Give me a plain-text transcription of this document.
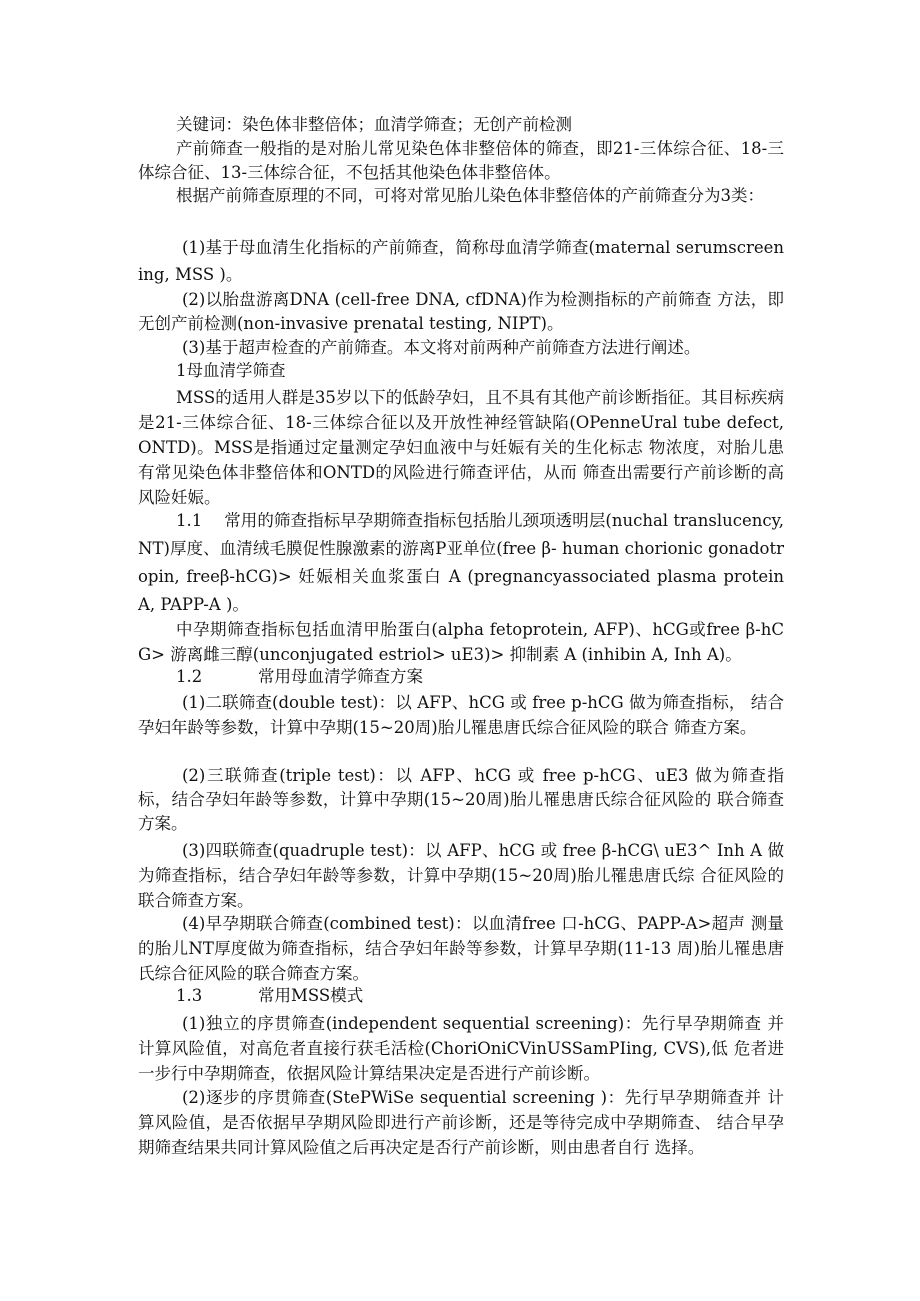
关键词：染色体非整倍体；血清学筛查；无创产前检测
产前筛查一般指的是对胎儿常见染色体非整倍体的筛查，即21-三体综合征、18-三体综合征、13-三体综合征，不包括其他染色体非整倍体。
根据产前筛查原理的不同，可将对常见胎儿染色体非整倍体的产前筛查分为3类：
(1)基于母血清生化指标的产前筛查，简称母血清学筛查(maternal serumscreening, MSS )。
(2)以胎盘游离DNA (cell-free DNA, cfDNA)作为检测指标的产前筛查 方法，即无创产前检测(non-invasive prenatal testing, NIPT)。
(3)基于超声检查的产前筛查。本文将对前两种产前筛查方法进行阐述。
1母血清学筛查
MSS的适用人群是35岁以下的低龄孕妇，且不具有其他产前诊断指征。其目标疾病是21-三体综合征、18-三体综合征以及开放性神经管缺陷(OPenneUral tube defect, ONTD)。MSS是指通过定量测定孕妇血液中与妊娠有关的生化标志 物浓度，对胎儿患有常见染色体非整倍体和ONTD的风险进行筛查评估，从而 筛查出需要行产前诊断的高风险妊娠。
1.1　 常用的筛查指标早孕期筛查指标包括胎儿颈项透明层(nuchal translucency, NT)厚度、血清绒毛膜促性腺激素的游离P亚单位(free β- human chorionic gonadotropin, freeβ-hCG)> 妊娠相关血浆蛋白 A (pregnancyassociated plasma protein A, PAPP-A )。
中孕期筛查指标包括血清甲胎蛋白(alpha fetoprotein, AFP)、hCG或free β-hCG> 游离雌三醇(unconjugated estriol> uE3)> 抑制素 A (inhibin A, Inh A)。
1.2	常用母血清学筛查方案
(1)二联筛查(double test)：以 AFP、hCG 或 free p-hCG 做为筛查指标， 结合孕妇年龄等参数，计算中孕期(15~20周)胎儿罹患唐氏综合征风险的联合 筛查方案。
(2)三联筛查(triple test)：以 AFP、hCG 或 free p-hCG、uE3 做为筛查指 标，结合孕妇年龄等参数，计算中孕期(15~20周)胎儿罹患唐氏综合征风险的 联合筛查方案。
(3)四联筛查(quadruple test)：以 AFP、hCG 或 free β-hCG\ uE3^ Inh A 做为筛查指标，结合孕妇年龄等参数，计算中孕期(15~20周)胎儿罹患唐氏综 合征风险的联合筛查方案。
(4)早孕期联合筛查(combined test)：以血清free 口-hCG、PAPP-A>超声 测量的胎儿NT厚度做为筛查指标，结合孕妇年龄等参数，计算早孕期(11-13 周)胎儿罹患唐氏综合征风险的联合筛查方案。
1.3	常用MSS模式
(1)独立的序贯筛查(independent sequential screening)：先行早孕期筛查 并计算风险值，对高危者直接行获毛活检(ChoriOniCVinUSSamPIing, CVS),低 危者进一步行中孕期筛查，依据风险计算结果决定是否进行产前诊断。
(2)逐步的序贯筛查(StePWiSe sequential screening )：先行早孕期筛查并 计算风险值，是否依据早孕期风险即进行产前诊断，还是等待完成中孕期筛查、 结合早孕期筛查结果共同计算风险值之后再决定是否行产前诊断，则由患者自行 选择。
